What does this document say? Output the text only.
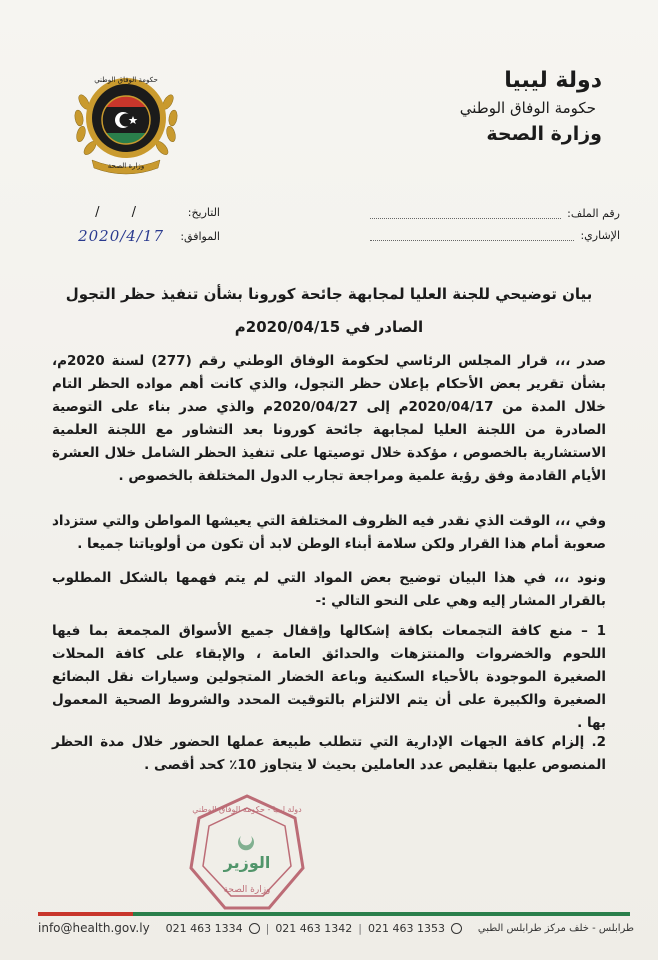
دولة ليبيا
حكومة الوفاق الوطني
وزارة الصحة
وزارة الصحة
حكومة الوفاق الوطني
رقم الملف:
الإشاري:
التاريخ:
/ /
الموافق:
2020/4/17
بيان توضيحي للجنة العليا لمجابهة جائحة كورونا بشأن تنفيذ حظر التجول
الصادر في 2020/04/15م
صدر ،،، قرار المجلس الرئاسي لحكومة الوفاق الوطني رقم (277) لسنة 2020م، بشأن تقرير بعض الأحكام بإعلان حظر التجول، والذي كانت أهم مواده الحظر التام خلال المدة من 2020/04/17م إلى 2020/04/27م والذي صدر بناء على التوصية الصادرة من اللجنة العليا لمجابهة جائحة كورونا بعد التشاور مع اللجنة العلمية الاستشارية بالخصوص ، مؤكدة خلال توصيتها على تنفيذ الحظر الشامل خلال العشرة الأيام القادمة وفق رؤية علمية ومراجعة تجارب الدول المختلفة بالخصوص .
وفي ،،، الوقت الذي نقدر فيه الظروف المختلفة التي يعيشها المواطن والتي ستزداد صعوبة أمام هذا القرار ولكن سلامة أبناء الوطن لابد أن تكون من أولوياتنا جميعا .
ونود ،،، في هذا البيان توضيح بعض المواد التي لم يتم فهمها بالشكل المطلوب بالقرار المشار إليه وهي على النحو التالي :-
1 – منع كافة التجمعات بكافة إشكالها وإقفال جميع الأسواق المجمعة بما فيها اللحوم والخضروات والمنتزهات والحدائق العامة ، والإبقاء على كافة المحلات الصغيرة الموجودة بالأحياء السكنية وباعة الخضار المتجولين وسيارات نقل البضائع الصغيرة والكبيرة على أن يتم الالتزام بالتوقيت المحدد والشروط الصحية المعمول بها .
2. إلزام كافة الجهات الإدارية التي تتطلب طبيعة عملها الحضور خلال مدة الحظر المنصوص عليها بتقليص عدد العاملين بحيث لا يتجاوز 10٪ كحد أقصى .
دولة ليبيا - حكومة الوفاق الوطني
الوزير
وزارة الصحة
info@health.gov.ly 021 463 1334 | 021 463 1342 | 021 463 1353	طرابلس - خلف مركز طرابلس الطبي
